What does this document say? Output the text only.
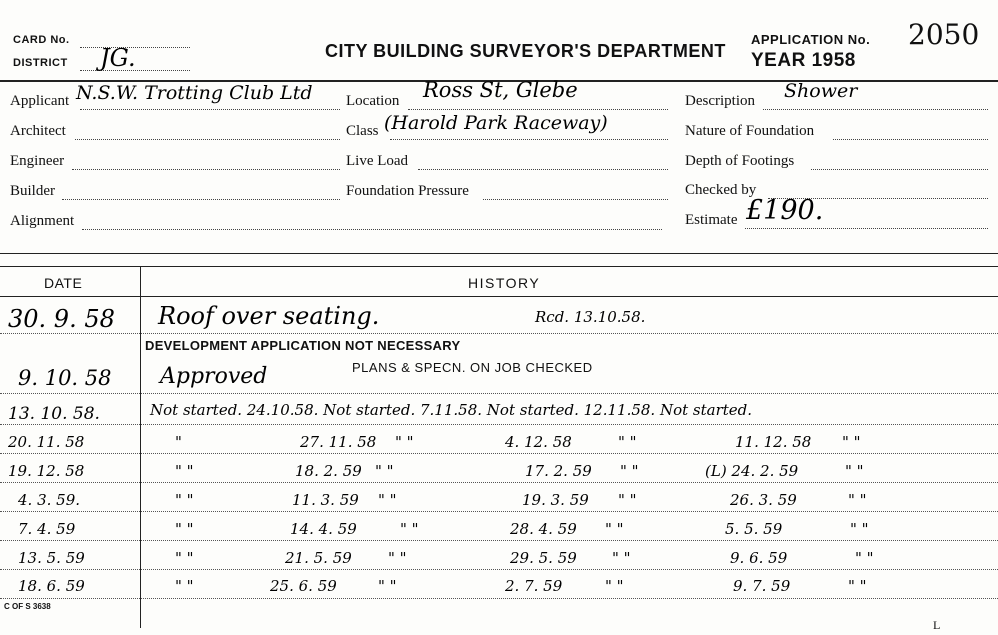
CARD No.
DISTRICT JG.	CITY BUILDING SURVEYOR'S DEPARTMENT
APPLICATION No. 2050
YEAR 1958
Applicant N.S.W. Trotting Club Ltd
Architect
Engineer
Builder
Alignment
Location Ross St, Glebe
Class (Harold Park Raceway)
Live Load
Foundation Pressure
Description Shower
Nature of Foundation
Depth of Footings
Checked by
Estimate £190.
DATE	HISTORY
30. 9. 58 Roof over seating.	Rcd. 13.10.58.
DEVELOPMENT APPLICATION NOT NECESSARY
9. 10. 58 Approved	PLANS & SPECN. ON JOB CHECKED
13. 10. 58.	Not started. 24.10.58. Not started. 7.11.58. Not started. 12.11.58. Not started.
20. 11. 58	"	27. 11. 58 " "	4. 12. 58	" "	11. 12. 58 " "
19. 12. 58	" "	18. 2. 59 " "	17. 2. 59 " "	(L) 24. 2. 59	" "
4. 3. 59.	" "	11. 3. 59 " "	19. 3. 59 " "	26. 3. 59	" "
7. 4. 59	" "	14. 4. 59	" "	28. 4. 59 " "	5. 5. 59	" "
13. 5. 59	" "	21. 5. 59 " "	29. 5. 59 " "	9. 6. 59	" "
18. 6. 59	" "	25. 6. 59	" "	2. 7. 59	" "	9. 7. 59	" "
C OF S 3638
L
